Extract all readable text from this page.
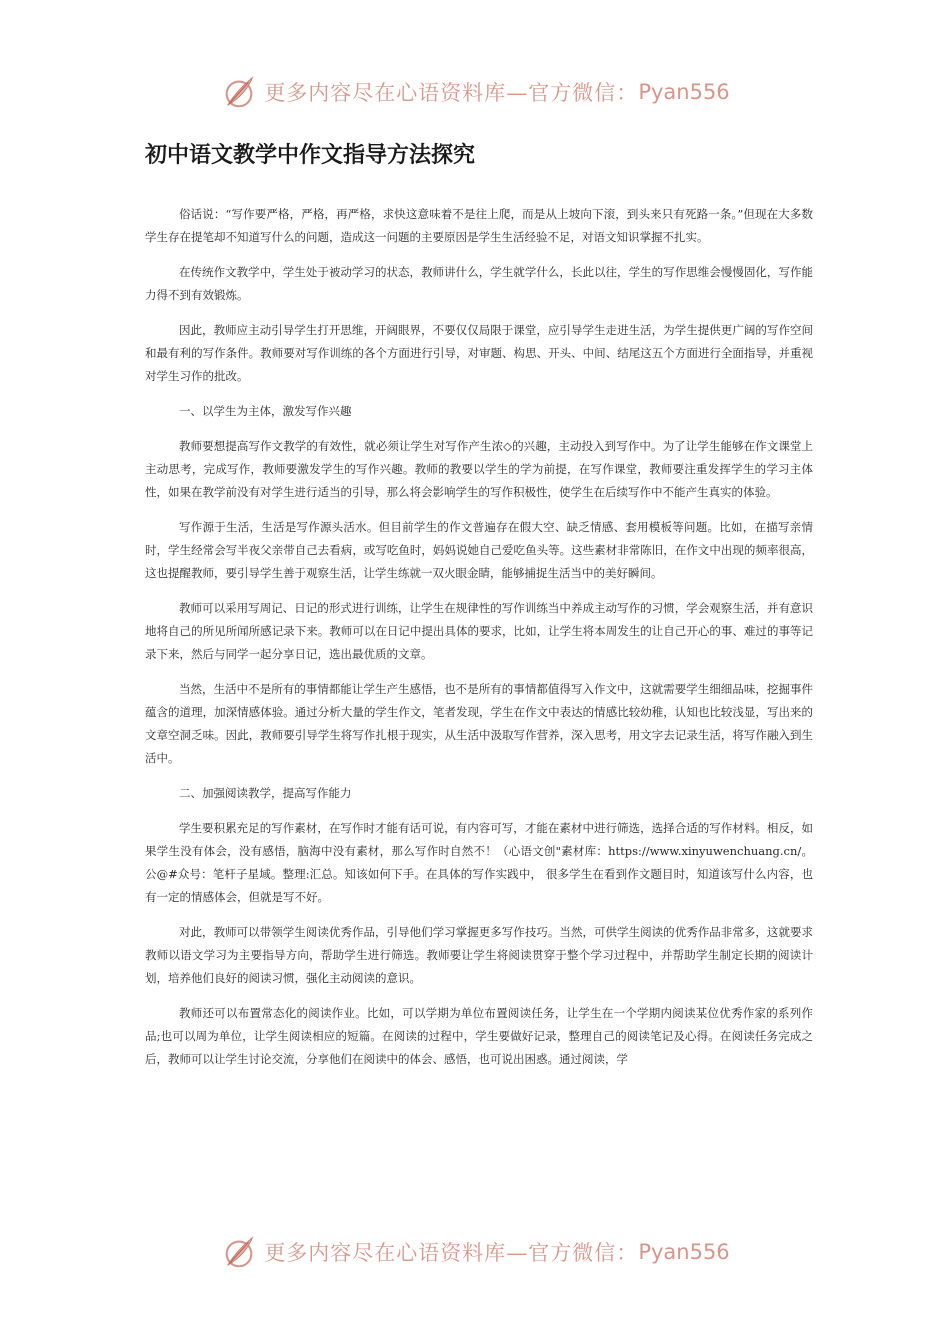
更多内容尽在心语资料库—官方微信： Pyan556
初中语文教学中作文指导方法探究

俗话说：“写作要严格，严格，再严格，求快这意味着不是往上爬，而是从上坡向下滚，到头来只有死路一条。”但现在大多数学生存在提笔却不知道写什么的问题，造成这一问题的主要原因是学生生活经验不足，对语文知识掌握不扎实。

在传统作文教学中，学生处于被动学习的状态，教师讲什么，学生就学什么，长此以往，学生的写作思维会慢慢固化，写作能力得不到有效锻炼。

因此，教师应主动引导学生打开思维，开阔眼界，不要仅仅局限于课堂，应引导学生走进生活，为学生提供更广阔的写作空间和最有利的写作条件。教师要对写作训练的各个方面进行引导，对审题、构思、开头、中间、结尾这五个方面进行全面指导，并重视对学生习作的批改。

一、以学生为主体，激发写作兴趣

教师要想提高写作文教学的有效性，就必须让学生对写作产生浓◇的兴趣，主动投入到写作中。为了让学生能够在作文课堂上主动思考，完成写作，教师要激发学生的写作兴趣。教师的教要以学生的学为前提，在写作课堂，教师要注重发挥学生的学习主体性，如果在教学前没有对学生进行适当的引导，那么将会影响学生的写作积极性，使学生在后续写作中不能产生真实的体验。

写作源于生活，生活是写作源头活水。但目前学生的作文普遍存在假大空、缺乏情感、套用模板等问题。比如，在描写亲情时，学生经常会写半夜父亲带自己去看病，或写吃鱼时，妈妈说她自己爱吃鱼头等。这些素材非常陈旧，在作文中出现的频率很高，这也提醒教师，要引导学生善于观察生活，让学生练就一双火眼金睛，能够捕捉生活当中的美好瞬间。

教师可以采用写周记、日记的形式进行训练，让学生在规律性的写作训练当中养成主动写作的习惯，学会观察生活，并有意识地将自己的所见所闻所感记录下来。教师可以在日记中提出具体的要求，比如，让学生将本周发生的让自己开心的事、难过的事等记录下来，然后与同学一起分享日记，选出最优质的文章。

当然，生活中不是所有的事情都能让学生产生感悟，也不是所有的事情都值得写入作文中，这就需要学生细细品味，挖掘事件蕴含的道理，加深情感体验。通过分析大量的学生作文，笔者发现，学生在作文中表达的情感比较幼稚，认知也比较浅显，写出来的文章空洞乏味。因此，教师要引导学生将写作扎根于现实，从生活中汲取写作营养，深入思考，用文字去记录生活，将写作融入到生活中。

二、加强阅读教学，提高写作能力

学生要积累充足的写作素材，在写作时才能有话可说，有内容可写，才能在素材中进行筛选，选择合适的写作材料。相反，如果学生没有体会，没有感悟，脑海中没有素材，那么写作时自然不！（心语文创"素材库：https://www.xinyuwenchuang.cn/。公@#众号：笔杆子星域。整理:汇总。知该如何下手。在具体的写作实践中， 很多学生在看到作文题目时，知道该写什么内容，也有一定的情感体会，但就是写不好。

对此，教师可以带领学生阅读优秀作品，引导他们学习掌握更多写作技巧。当然，可供学生阅读的优秀作品非常多，这就要求教师以语文学习为主要指导方向，帮助学生进行筛选。教师要让学生将阅读贯穿于整个学习过程中，并帮助学生制定长期的阅读计划，培养他们良好的阅读习惯，强化主动阅读的意识。

教师还可以布置常态化的阅读作业。比如，可以学期为单位布置阅读任务，让学生在一个学期内阅读某位优秀作家的系列作品;也可以周为单位，让学生阅读相应的短篇。在阅读的过程中，学生要做好记录，整理自己的阅读笔记及心得。在阅读任务完成之后，教师可以让学生讨论交流，分享他们在阅读中的体会、感悟，也可说出困惑。通过阅读，学

更多内容尽在心语资料库—官方微信： Pyan556
